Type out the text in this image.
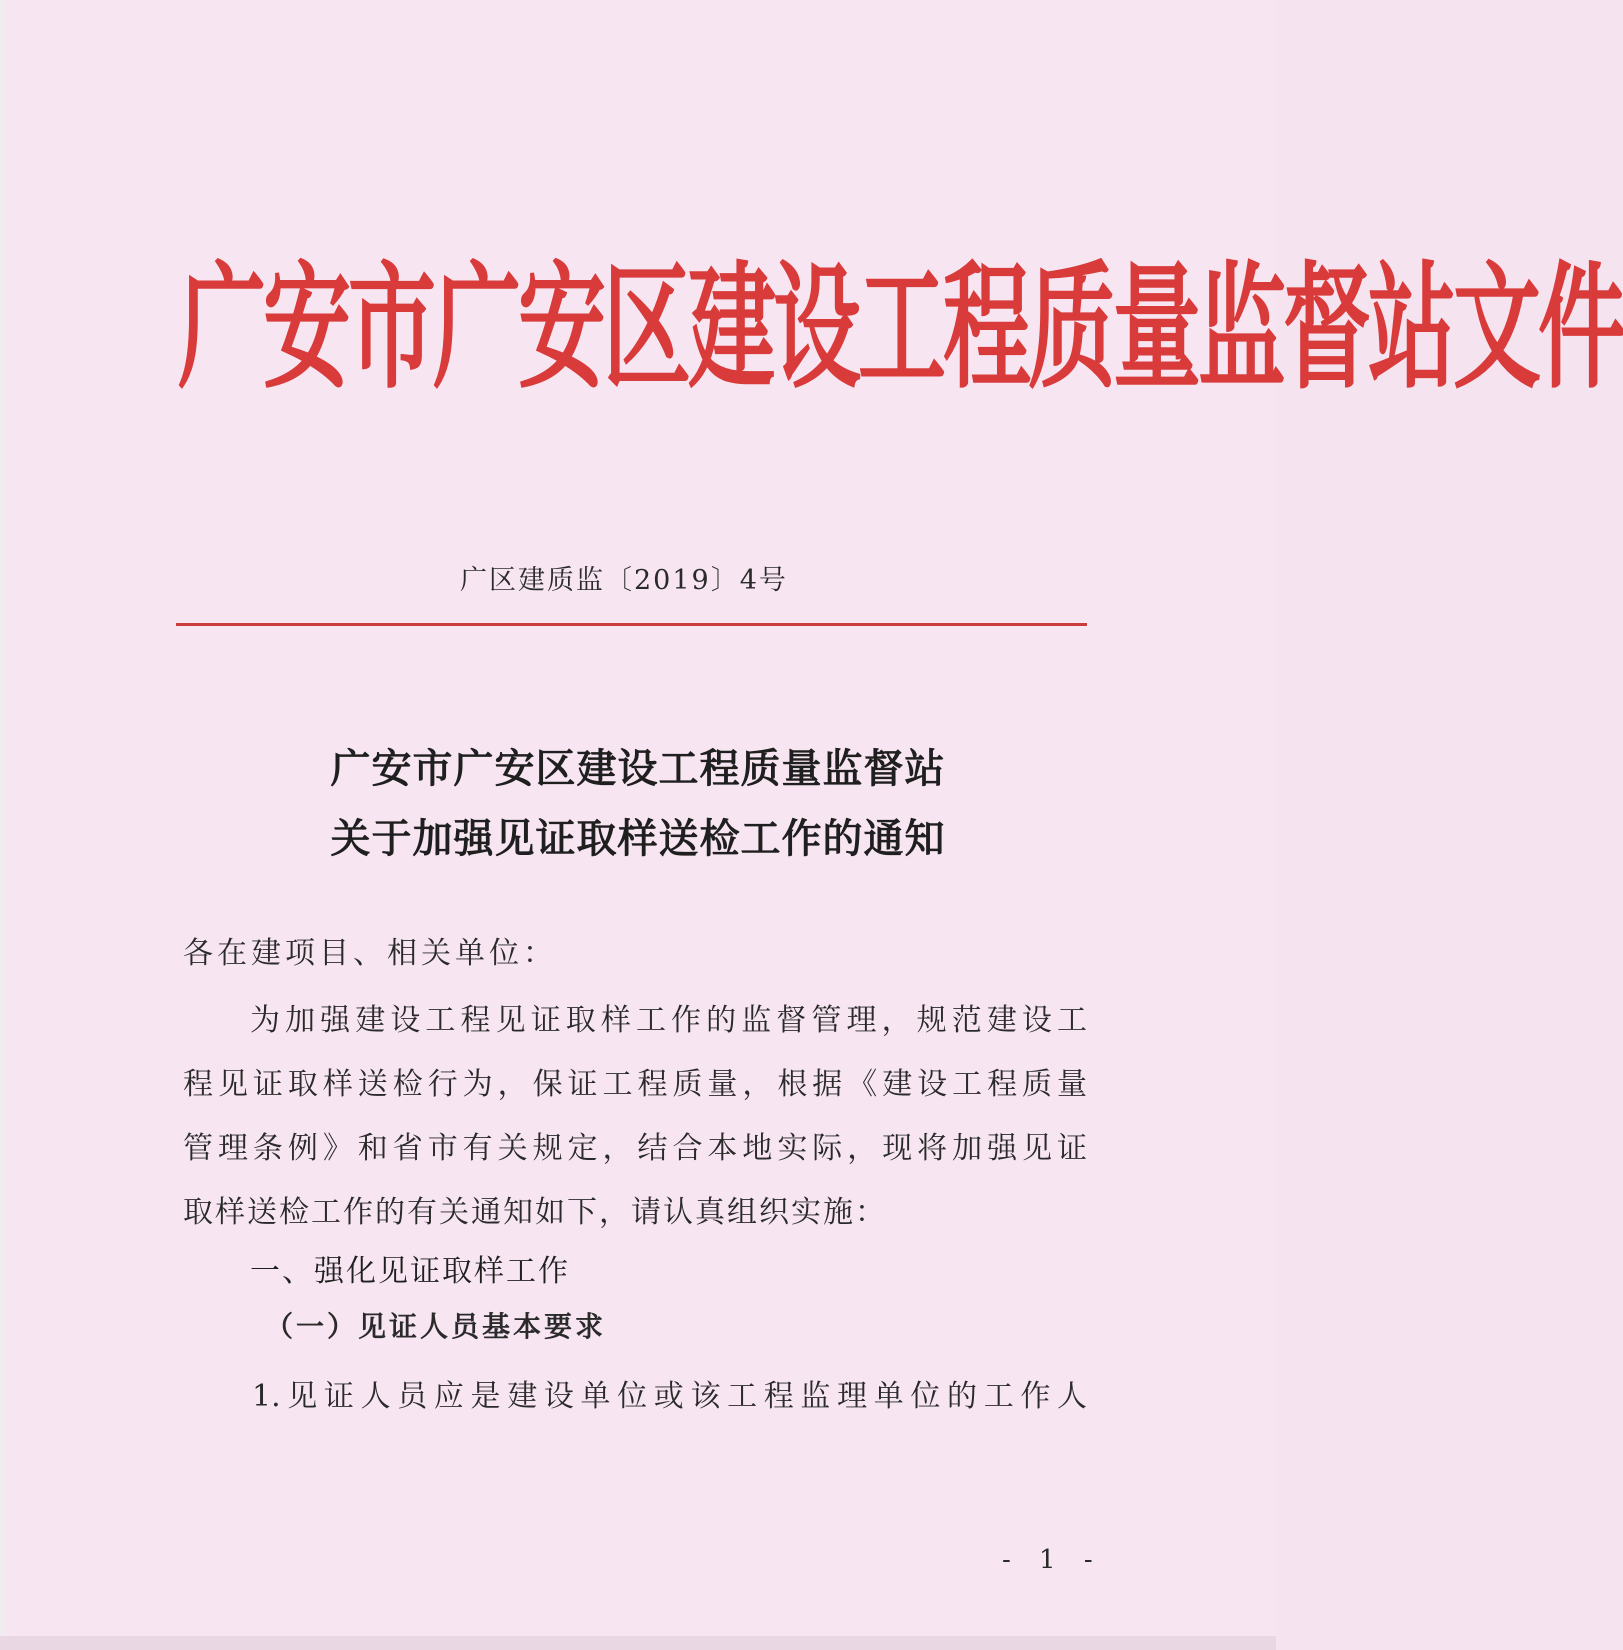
广安市广安区建设工程质量监督站文件
广区建质监〔2019〕4号
广安市广安区建设工程质量监督站
关于加强见证取样送检工作的通知
各在建项目、相关单位：
为加强建设工程见证取样工作的监督管理，规范建设工
程见证取样送检行为，保证工程质量，根据《建设工程质量
管理条例》和省市有关规定，结合本地实际，现将加强见证
取样送检工作的有关通知如下，请认真组织实施：
一、强化见证取样工作
（一）见证人员基本要求
1.见证人员应是建设单位或该工程监理单位的工作人
- 1 -
